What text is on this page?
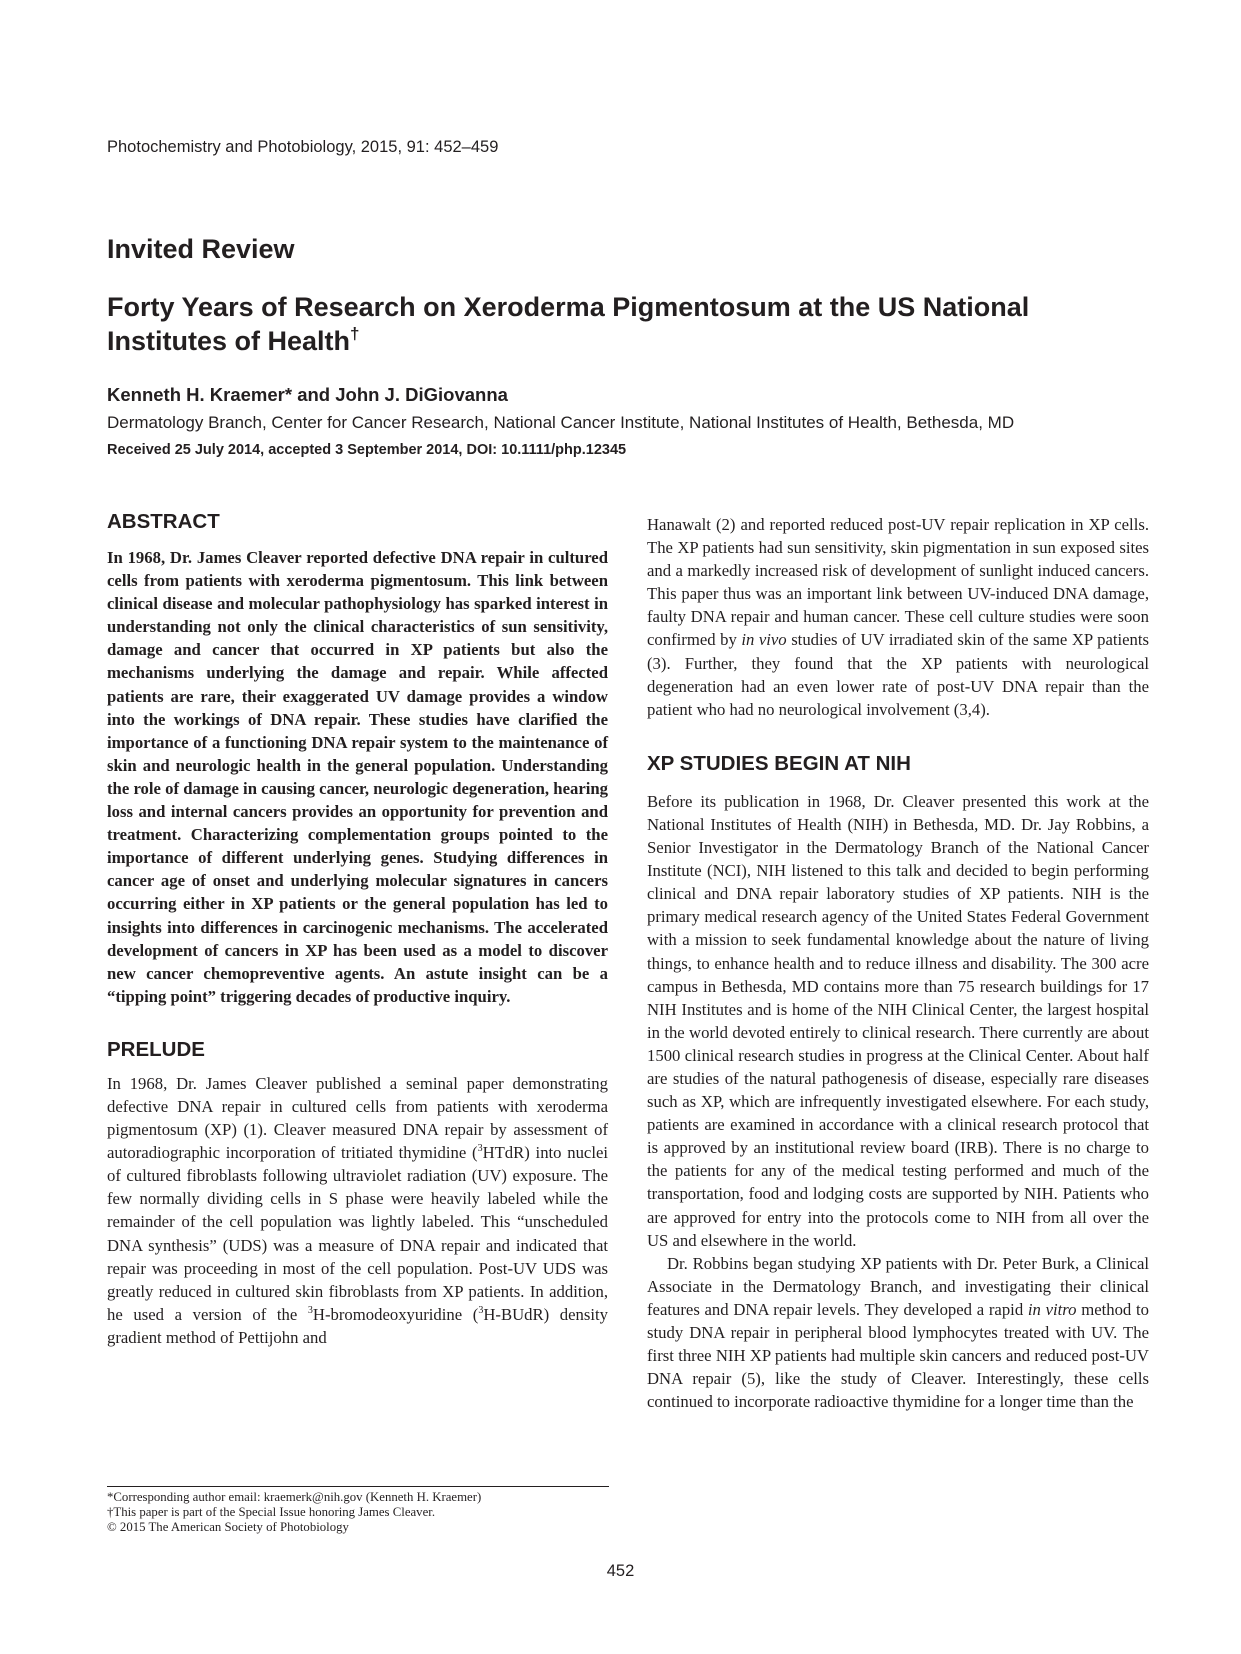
Photochemistry and Photobiology, 2015, 91: 452–459
Invited Review
Forty Years of Research on Xeroderma Pigmentosum at the US National Institutes of Health†
Kenneth H. Kraemer* and John J. DiGiovanna
Dermatology Branch, Center for Cancer Research, National Cancer Institute, National Institutes of Health, Bethesda, MD
Received 25 July 2014, accepted 3 September 2014, DOI: 10.1111/php.12345
ABSTRACT

In 1968, Dr. James Cleaver reported defective DNA repair in cultured cells from patients with xeroderma pigmentosum. This link between clinical disease and molecular pathophysiology has sparked interest in understanding not only the clinical characteristics of sun sensitivity, damage and cancer that occurred in XP patients but also the mechanisms underlying the damage and repair. While affected patients are rare, their exaggerated UV damage provides a window into the workings of DNA repair. These studies have clarified the importance of a functioning DNA repair system to the maintenance of skin and neurologic health in the general population. Understanding the role of damage in causing cancer, neurologic degeneration, hearing loss and internal cancers provides an opportunity for prevention and treatment. Characterizing complementation groups pointed to the importance of different underlying genes. Studying differences in cancer age of onset and underlying molecular signatures in cancers occurring either in XP patients or the general population has led to insights into differences in carcinogenic mechanisms. The accelerated development of cancers in XP has been used as a model to discover new cancer chemopreventive agents. An astute insight can be a “tipping point” triggering decades of productive inquiry.

PRELUDE

In 1968, Dr. James Cleaver published a seminal paper demonstrating defective DNA repair in cultured cells from patients with xeroderma pigmentosum (XP) (1). Cleaver measured DNA repair by assessment of autoradiographic incorporation of tritiated thymidine ($^3$HTdR) into nuclei of cultured fibroblasts following ultraviolet radiation (UV) exposure. The few normally dividing cells in S phase were heavily labeled while the remainder of the cell population was lightly labeled. This “unscheduled DNA synthesis” (UDS) was a measure of DNA repair and indicated that repair was proceeding in most of the cell population. Post-UV UDS was greatly reduced in cultured skin fibroblasts from XP patients. In addition, he used a version of the $^3$H-bromodeoxyuridine ($^3$H-BUdR) density gradient method of Pettijohn and

Hanawalt (2) and reported reduced post-UV repair replication in XP cells. The XP patients had sun sensitivity, skin pigmentation in sun exposed sites and a markedly increased risk of development of sunlight induced cancers. This paper thus was an important link between UV-induced DNA damage, faulty DNA repair and human cancer. These cell culture studies were soon confirmed by in vivo studies of UV irradiated skin of the same XP patients (3). Further, they found that the XP patients with neurological degeneration had an even lower rate of post-UV DNA repair than the patient who had no neurological involvement (3,4).

XP STUDIES BEGIN AT NIH

Before its publication in 1968, Dr. Cleaver presented this work at the National Institutes of Health (NIH) in Bethesda, MD. Dr. Jay Robbins, a Senior Investigator in the Dermatology Branch of the National Cancer Institute (NCI), NIH listened to this talk and decided to begin performing clinical and DNA repair laboratory studies of XP patients. NIH is the primary medical research agency of the United States Federal Government with a mission to seek fundamental knowledge about the nature of living things, to enhance health and to reduce illness and disability. The 300 acre campus in Bethesda, MD contains more than 75 research buildings for 17 NIH Institutes and is home of the NIH Clinical Center, the largest hospital in the world devoted entirely to clinical research. There currently are about 1500 clinical research studies in progress at the Clinical Center. About half are studies of the natural pathogenesis of disease, especially rare diseases such as XP, which are infrequently investigated elsewhere. For each study, patients are examined in accordance with a clinical research protocol that is approved by an institutional review board (IRB). There is no charge to the patients for any of the medical testing performed and much of the transportation, food and lodging costs are supported by NIH. Patients who are approved for entry into the protocols come to NIH from all over the US and elsewhere in the world.

Dr. Robbins began studying XP patients with Dr. Peter Burk, a Clinical Associate in the Dermatology Branch, and investigating their clinical features and DNA repair levels. They developed a rapid in vitro method to study DNA repair in peripheral blood lymphocytes treated with UV. The first three NIH XP patients had multiple skin cancers and reduced post-UV DNA repair (5), like the study of Cleaver. Interestingly, these cells continued to incorporate radioactive thymidine for a longer time than the

*Corresponding author email: kraemerk@nih.gov (Kenneth H. Kraemer)
†This paper is part of the Special Issue honoring James Cleaver.
© 2015 The American Society of Photobiology
452
